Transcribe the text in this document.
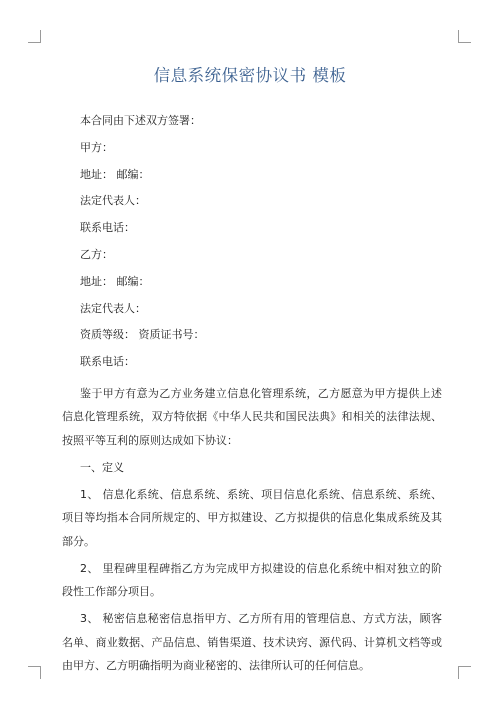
信息系统保密协议书 模板
本合同由下述双方签署：
甲方：
地址： 邮编：
法定代表人：
联系电话：
乙方：
地址： 邮编：
法定代表人：
资质等级： 资质证书号：
联系电话：

鉴于甲方有意为乙方业务建立信息化管理系统，乙方愿意为甲方提供上述信息化管理系统，双方特依据《中华人民共和国民法典》和相关的法律法规、按照平等互利的原则达成如下协议：

一、定义

1、 信息化系统、信息系统、系统、项目信息化系统、信息系统、系统、项目等均指本合同所规定的、甲方拟建设、乙方拟提供的信息化集成系统及其部分。

2、 里程碑里程碑指乙方为完成甲方拟建设的信息化系统中相对独立的阶段性工作部分项目。

3、 秘密信息秘密信息指甲方、乙方所有用的管理信息、方式方法，顾客名单、商业数据、产品信息、销售渠道、技术诀窍、源代码、计算机文档等或由甲方、乙方明确指明为商业秘密的、法律所认可的任何信息。
